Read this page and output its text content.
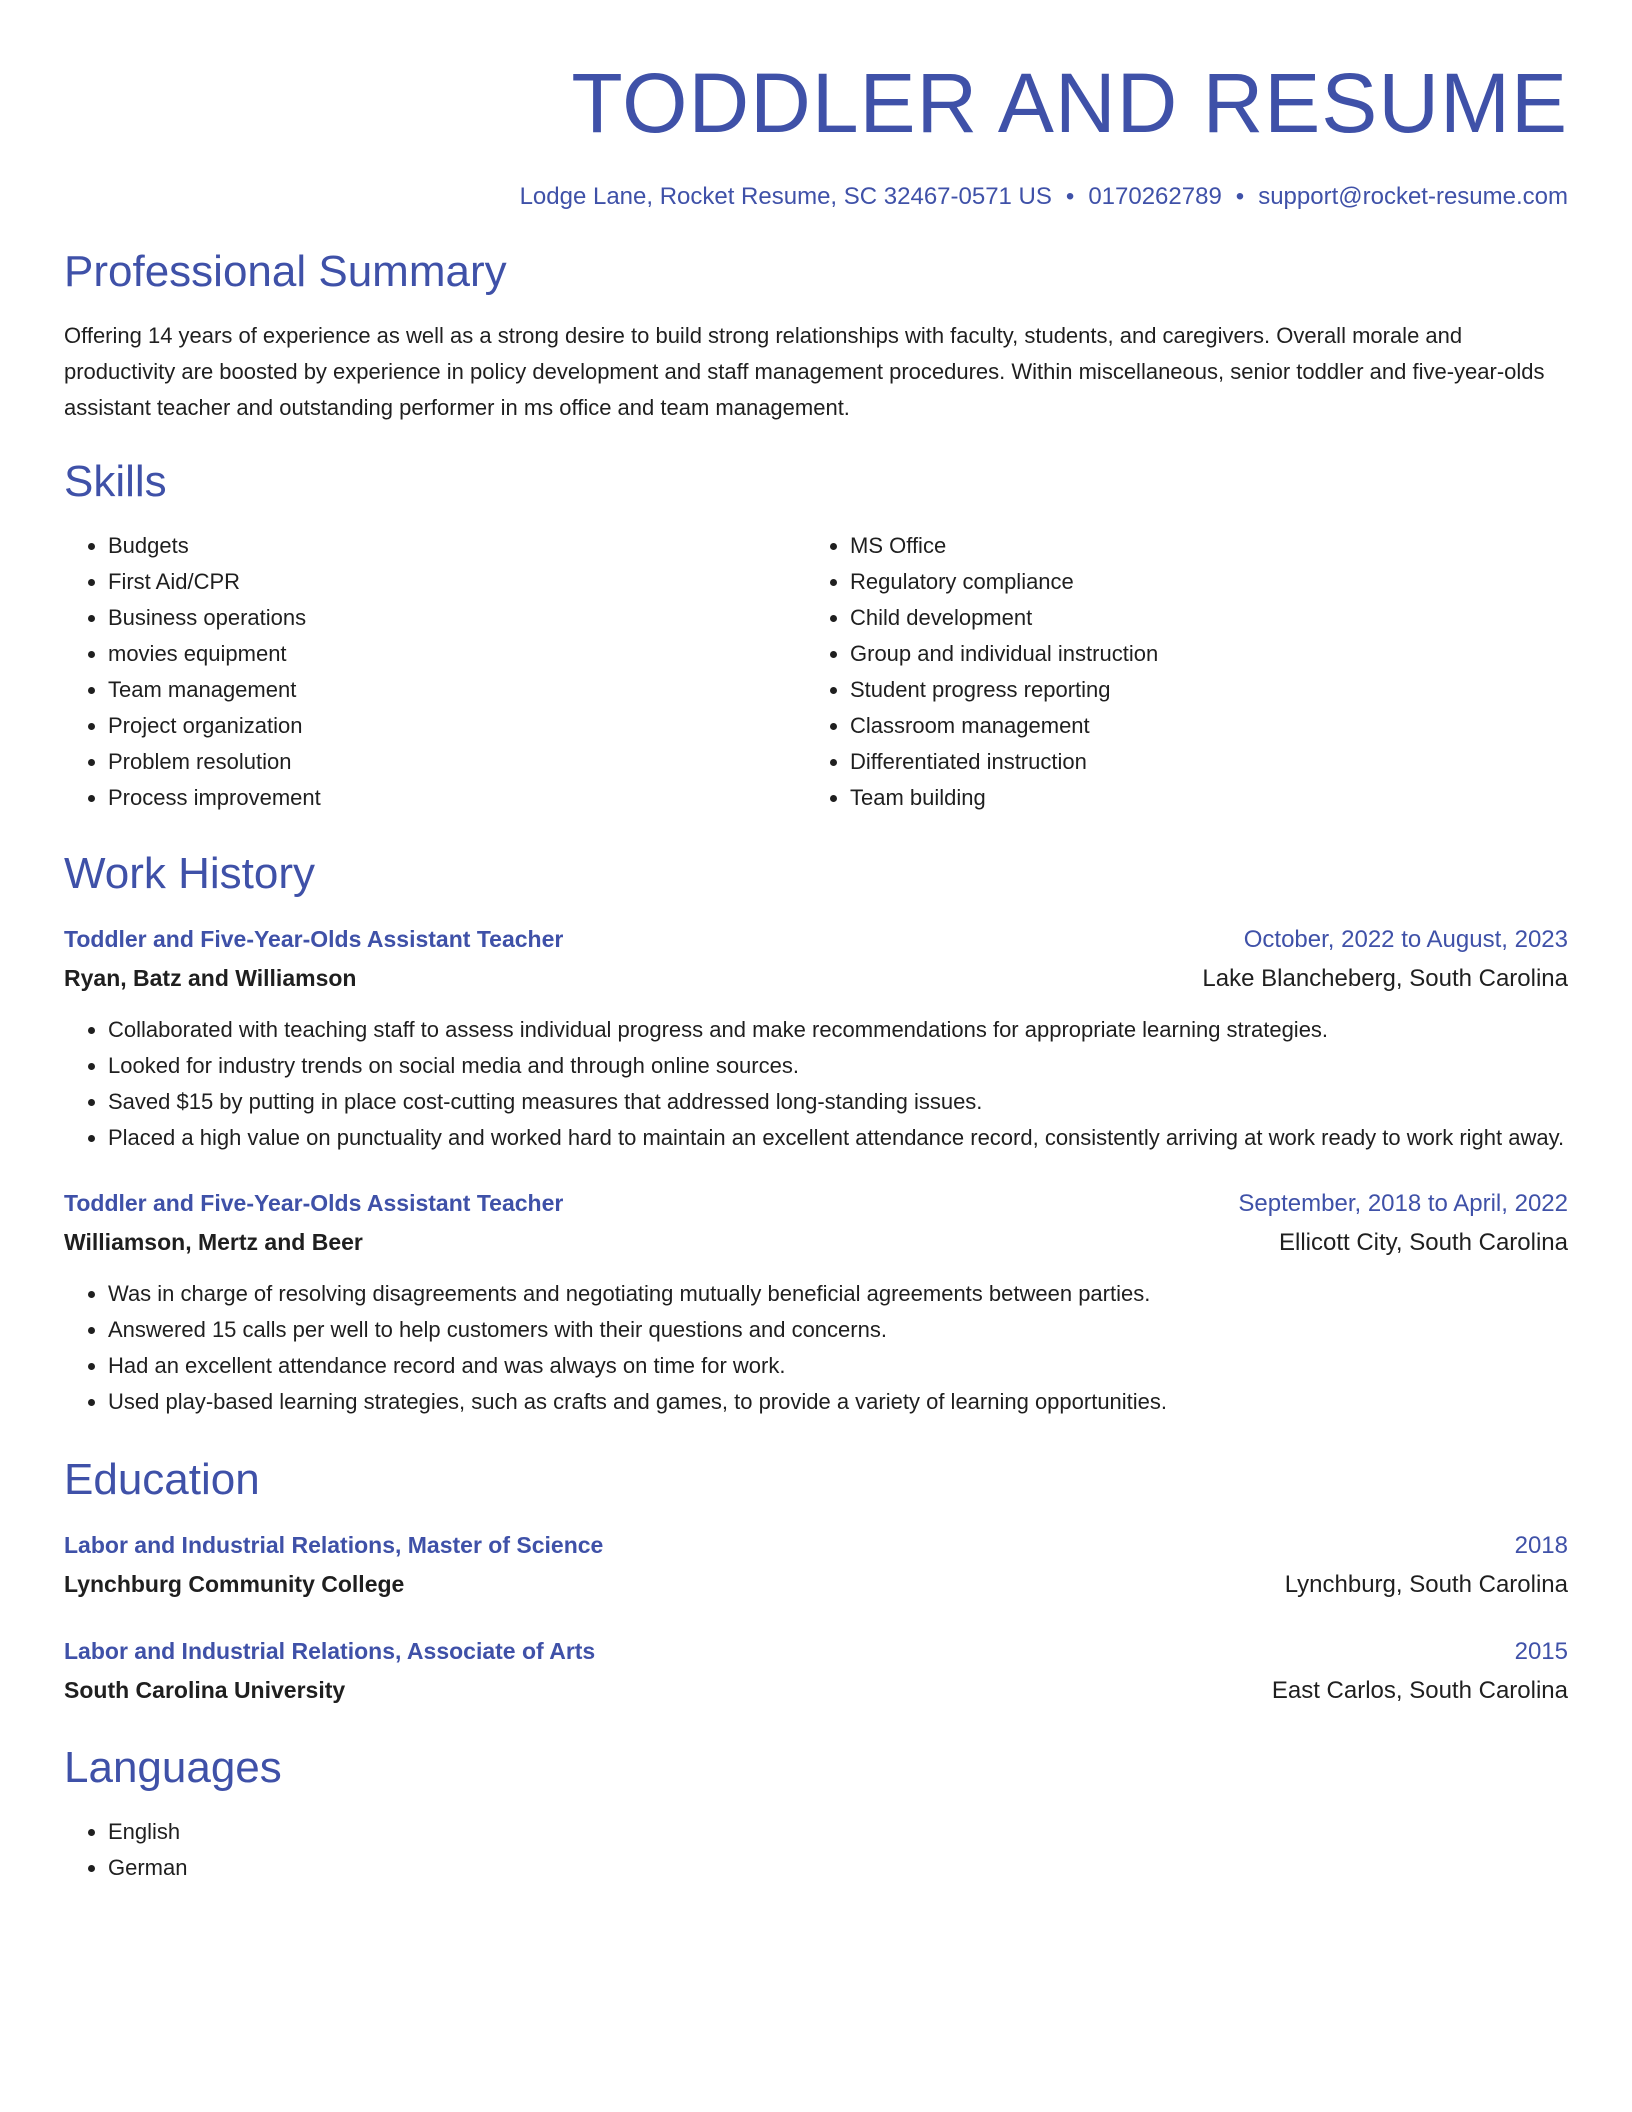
TODDLER AND RESUME
Lodge Lane, Rocket Resume, SC 32467-0571 US • 0170262789 • support@rocket-resume.com
Professional Summary

Offering 14 years of experience as well as a strong desire to build strong relationships with faculty, students, and caregivers. Overall morale and productivity are boosted by experience in policy development and staff management procedures. Within miscellaneous, senior toddler and five-year-olds assistant teacher and outstanding performer in ms office and team management.

Skills
• Budgets
• First Aid/CPR
• Business operations
• movies equipment
• Team management
• Project organization
• Problem resolution
• Process improvement
• MS Office
• Regulatory compliance
• Child development
• Group and individual instruction
• Student progress reporting
• Classroom management
• Differentiated instruction
• Team building
Work History
Toddler and Five-Year-Olds Assistant Teacher	October, 2022 to August, 2023
Ryan, Batz and Williamson	Lake Blancheberg, South Carolina
• Collaborated with teaching staff to assess individual progress and make recommendations for appropriate learning strategies.
• Looked for industry trends on social media and through online sources.
• Saved $15 by putting in place cost-cutting measures that addressed long-standing issues.
• Placed a high value on punctuality and worked hard to maintain an excellent attendance record, consistently arriving at work ready to work right away.
Toddler and Five-Year-Olds Assistant Teacher	September, 2018 to April, 2022
Williamson, Mertz and Beer	Ellicott City, South Carolina
• Was in charge of resolving disagreements and negotiating mutually beneficial agreements between parties.
• Answered 15 calls per well to help customers with their questions and concerns.
• Had an excellent attendance record and was always on time for work.
• Used play-based learning strategies, such as crafts and games, to provide a variety of learning opportunities.
Education
Labor and Industrial Relations, Master of Science	2018
Lynchburg Community College	Lynchburg, South Carolina
Labor and Industrial Relations, Associate of Arts	2015
South Carolina University	East Carlos, South Carolina
Languages
• English
• German
